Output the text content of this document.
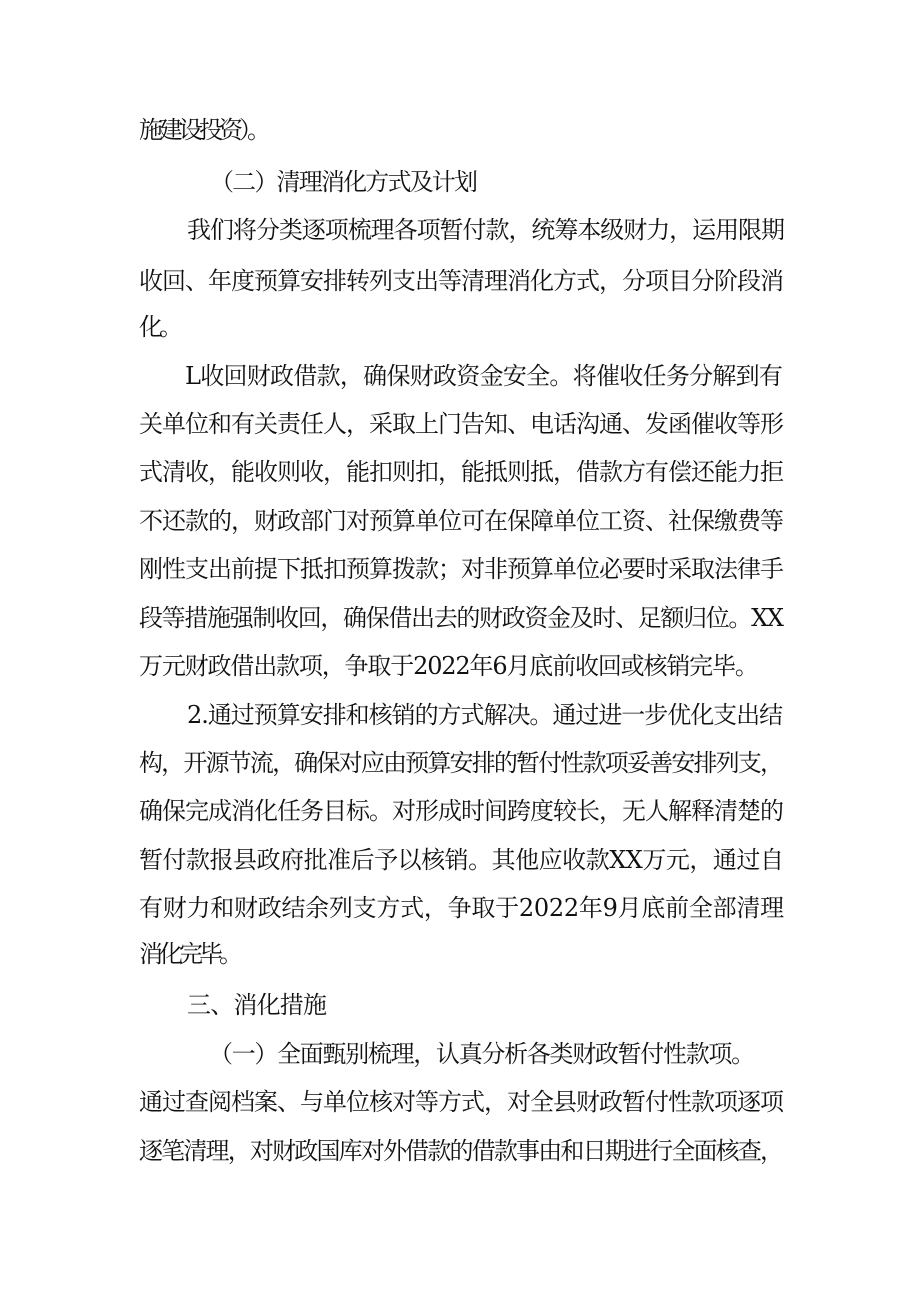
施建设投资）。
（二）清理消化方式及计划
我们将分类逐项梳理各项暂付款，统筹本级财力，运用限期
收回、年度预算安排转列支出等清理消化方式，分项目分阶段消
化。
L收回财政借款，确保财政资金安全。将催收任务分解到有
关单位和有关责任人，采取上门告知、电话沟通、发函催收等形
式清收，能收则收，能扣则扣，能抵则抵，借款方有偿还能力拒
不还款的，财政部门对预算单位可在保障单位工资、社保缴费等
刚性支出前提下抵扣预算拨款；对非预算单位必要时采取法律手
段等措施强制收回，确保借出去的财政资金及时、足额归位。XX
万元财政借出款项，争取于2022年6月底前收回或核销完毕。
2.通过预算安排和核销的方式解决。通过进一步优化支出结
构，开源节流，确保对应由预算安排的暂付性款项妥善安排列支，
确保完成消化任务目标。对形成时间跨度较长，无人解释清楚的
暂付款报县政府批准后予以核销。其他应收款XX万元，通过自
有财力和财政结余列支方式，争取于2022年9月底前全部清理
消化完毕。
三、消化措施
（一）全面甄别梳理，认真分析各类财政暂付性款项。
通过查阅档案、与单位核对等方式，对全县财政暂付性款项逐项
逐笔清理，对财政国库对外借款的借款事由和日期进行全面核查，
